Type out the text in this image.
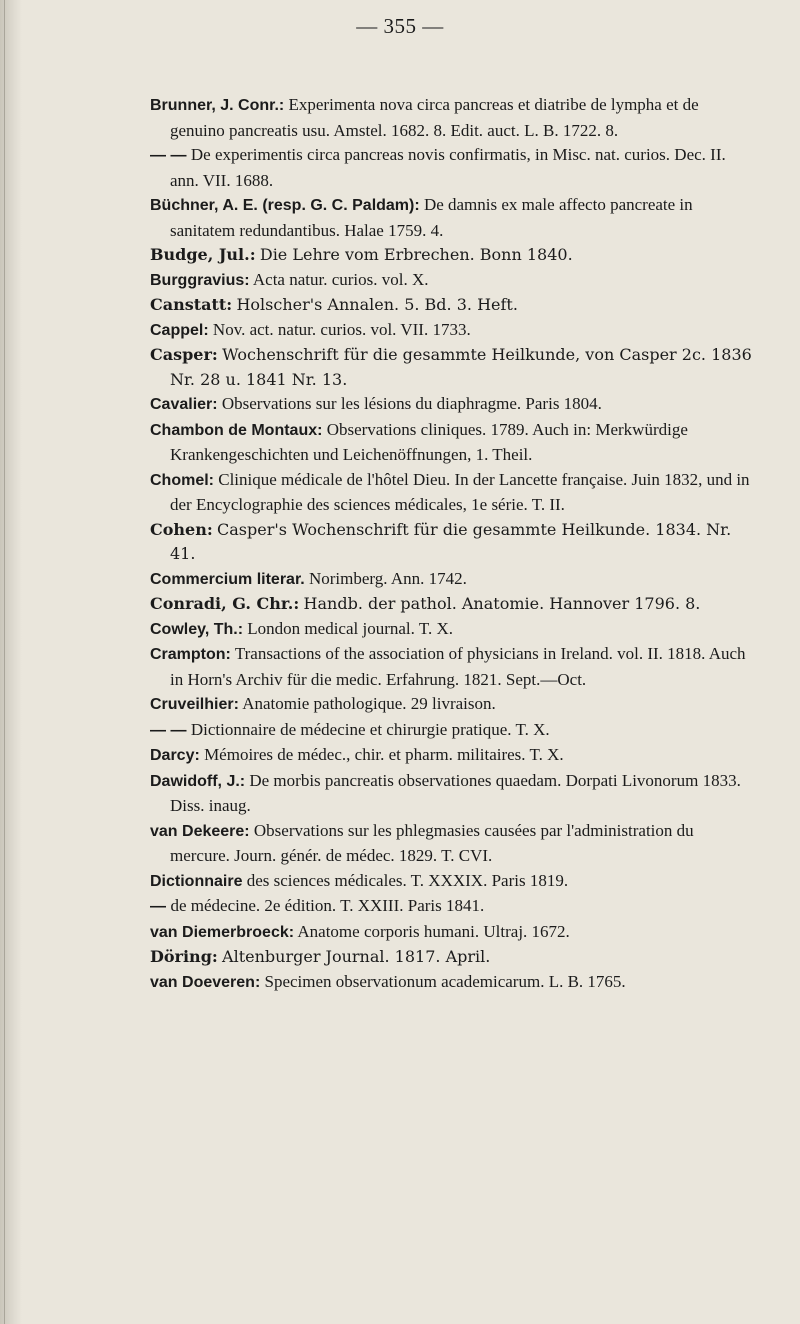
— 355 —
Brunner, J. Conr.: Experimenta nova circa pancreas et diatribe de lympha et de genuino pancreatis usu. Amstel. 1682. 8. Edit. auct. L. B. 1722. 8.
— — De experimentis circa pancreas novis confirmatis, in Misc. nat. curios. Dec. II. ann. VII. 1688.
Büchner, A. E. (resp. G. C. Paldam): De damnis ex male affecto pancreate in sanitatem redundantibus. Halae 1759. 4.
Budge, Jul.: Die Lehre vom Erbrechen. Bonn 1840.
Burggravius: Acta natur. curios. vol. X.
Canstatt: Holscher's Annalen. 5. Bd. 3. Heft.
Cappel: Nov. act. natur. curios. vol. VII. 1733.
Casper: Wochenschrift für die gesammte Heilkunde, von Casper 2c. 1836 Nr. 28 u. 1841 Nr. 13.
Cavalier: Observations sur les lésions du diaphragme. Paris 1804.
Chambon de Montaux: Observations cliniques. 1789. Auch in: Merkwürdige Krankengeschichten und Leichenöffnungen, 1. Theil.
Chomel: Clinique médicale de l'hôtel Dieu. In der Lancette française. Juin 1832, und in der Encyclographie des sciences médicales, 1e série. T. II.
Cohen: Casper's Wochenschrift für die gesammte Heilkunde. 1834. Nr. 41.
Commercium literar. Norimberg. Ann. 1742.
Conradi, G. Chr.: Handb. der pathol. Anatomie. Hannover 1796. 8.
Cowley, Th.: London medical journal. T. X.
Crampton: Transactions of the association of physicians in Ireland. vol. II. 1818. Auch in Horn's Archiv für die medic. Erfahrung. 1821. Sept.—Oct.
Cruveilhier: Anatomie pathologique. 29 livraison.
— — Dictionnaire de médecine et chirurgie pratique. T. X.
Darcy: Mémoires de médec., chir. et pharm. militaires. T. X.
Dawidoff, J.: De morbis pancreatis observationes quaedam. Dorpati Livonorum 1833. Diss. inaug.
van Dekeere: Observations sur les phlegmasies causées par l'administration du mercure. Journ. génér. de médec. 1829. T. CVI.
Dictionnaire des sciences médicales. T. XXXIX. Paris 1819.
— de médecine. 2e édition. T. XXIII. Paris 1841.
van Diemerbroeck: Anatome corporis humani. Ultraj. 1672.
Döring: Altenburger Journal. 1817. April.
van Doeveren: Specimen observationum academicarum. L. B. 1765.
